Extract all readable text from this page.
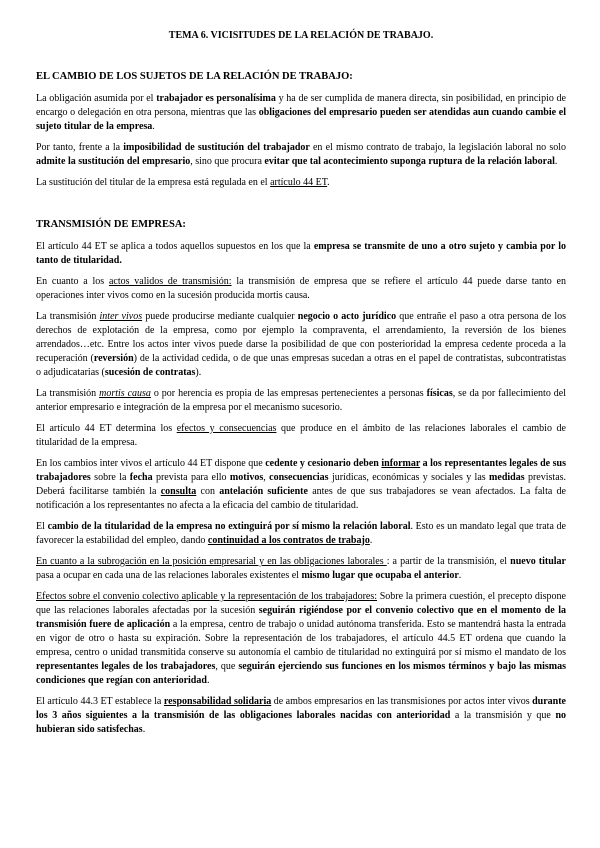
TEMA 6. VICISITUDES DE LA RELACIÓN DE TRABAJO.
EL CAMBIO DE LOS SUJETOS DE LA RELACIÓN DE TRABAJO:

La obligación asumida por el trabajador es personalísima y ha de ser cumplida de manera directa, sin posibilidad, en principio de encargo o delegación en otra persona, mientras que las obligaciones del empresario pueden ser atendidas aun cuando cambie el sujeto titular de la empresa.

Por tanto, frente a la imposibilidad de sustitución del trabajador en el mismo contrato de trabajo, la legislación laboral no solo admite la sustitución del empresario, sino que procura evitar que tal acontecimiento suponga ruptura de la relación laboral.

La sustitución del titular de la empresa está regulada en el artículo 44 ET.

TRANSMISIÓN DE EMPRESA:

El artículo 44 ET se aplica a todos aquellos supuestos en los que la empresa se transmite de uno a otro sujeto y cambia por lo tanto de titularidad.

En cuanto a los actos validos de transmisión: la transmisión de empresa que se refiere el artículo 44 puede darse tanto en operaciones inter vivos como en la sucesión producida mortis causa.

La transmisión inter vivos puede producirse mediante cualquier negocio o acto jurídico que entrañe el paso a otra persona de los derechos de explotación de la empresa, como por ejemplo la compraventa, el arrendamiento, la reversión de los bienes arrendados…etc. Entre los actos inter vivos puede darse la posibilidad de que con posterioridad la empresa cedente proceda a la recuperación (reversión) de la actividad cedida, o de que unas empresas sucedan a otras en el papel de contratistas, subcontratistas o adjudicatarias (sucesión de contratas).

La transmisión mortis causa o por herencia es propia de las empresas pertenecientes a personas físicas, se da por fallecimiento del anterior empresario e integración de la empresa por el mecanismo sucesorio.

El artículo 44 ET determina los efectos y consecuencias que produce en el ámbito de las relaciones laborales el cambio de titularidad de la empresa.

En los cambios inter vivos el artículo 44 ET dispone que cedente y cesionario deben informar a los representantes legales de sus trabajadores sobre la fecha prevista para ello motivos, consecuencias jurídicas, económicas y sociales y las medidas previstas. Deberá facilitarse también la consulta con antelación suficiente antes de que sus trabajadores se vean afectados. La falta de notificación a los representantes no afecta a la eficacia del cambio de titularidad.

El cambio de la titularidad de la empresa no extinguirá por sí mismo la relación laboral. Esto es un mandato legal que trata de favorecer la estabilidad del empleo, dando continuidad a los contratos de trabajo.

En cuanto a la subrogación en la posición empresarial y en las obligaciones laborales : a partir de la transmisión, el nuevo titular pasa a ocupar en cada una de las relaciones laborales existentes el mismo lugar que ocupaba el anterior.

Efectos sobre el convenio colectivo aplicable y la representación de los trabajadores: Sobre la primera cuestión, el precepto dispone que las relaciones laborales afectadas por la sucesión seguirán rigiéndose por el convenio colectivo que en el momento de la transmisión fuere de aplicación a la empresa, centro de trabajo o unidad autónoma transferida. Esto se mantendrá hasta la entrada en vigor de otro o hasta su expiración. Sobre la representación de los trabajadores, el artículo 44.5 ET ordena que cuando la empresa, centro o unidad transmitida conserve su autonomía el cambio de titularidad no extinguirá por sí mismo el mandato de los representantes legales de los trabajadores, que seguirán ejerciendo sus funciones en los mismos términos y bajo las mismas condiciones que regían con anterioridad.

El artículo 44.3 ET establece la responsabilidad solidaria de ambos empresarios en las transmisiones por actos inter vivos durante los 3 años siguientes a la transmisión de las obligaciones laborales nacidas con anterioridad a la transmisión y que no hubieran sido satisfechas.
